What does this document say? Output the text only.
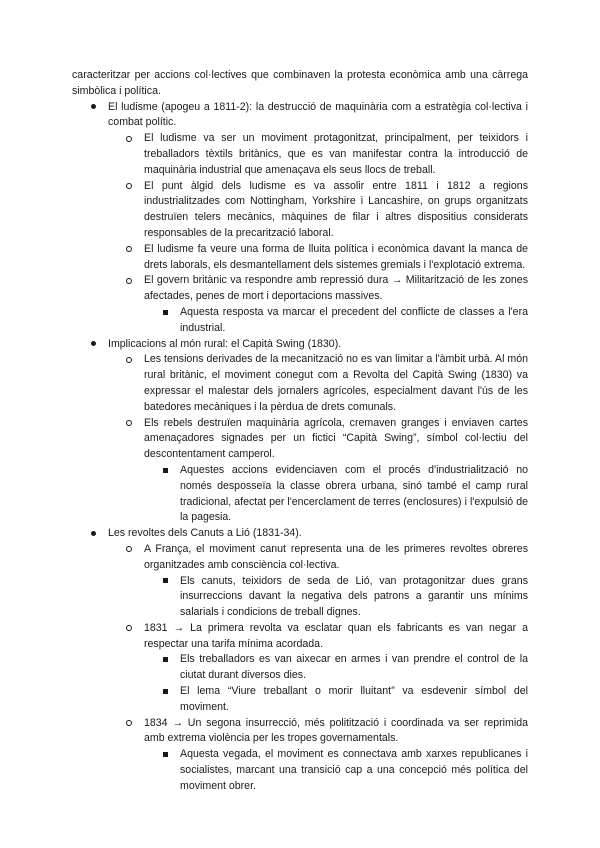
caracteritzar per accions col·lectives que combinaven la protesta econòmica amb una càrrega simbòlica i política.

El ludisme (apogeu a 1811-2): la destrucció de maquinària com a estratègia col·lectiva i combat polític.

El ludisme va ser un moviment protagonitzat, principalment, per teixidors i treballadors tèxtils britànics, que es van manifestar contra la introducció de maquinària industrial que amenaçava els seus llocs de treball.

El punt àlgid dels ludisme es va assolir entre 1811 i 1812 a regions industrialitzades com Nottingham, Yorkshire i Lancashire, on grups organitzats destruïen telers mecànics, màquines de filar i altres dispositius considerats responsables de la precarització laboral.

El ludisme fa veure una forma de lluita política i econòmica davant la manca de drets laborals, els desmantellament dels sistemes gremials i l'explotació extrema.

El govern britànic va respondre amb repressió dura → Militarització de les zones afectades, penes de mort i deportacions massives.

Aquesta resposta va marcar el precedent del conflicte de classes a l'era industrial.

Implicacions al món rural: el Capità Swing (1830).

Les tensions derivades de la mecanització no es van limitar a l'àmbit urbà. Al món rural britànic, el moviment conegut com a Revolta del Capità Swing (1830) va expressar el malestar dels jornalers agrícoles, especialment davant l'ús de les batedores mecàniques i la pèrdua de drets comunals.

Els rebels destruïen maquinària agrícola, cremaven granges i enviaven cartes amenaçadores signades per un fictici “Capità Swing”, símbol col·lectiu del descontentament camperol.

Aquestes accions evidenciaven com el procés d'industrialització no només desposseïa la classe obrera urbana, sinó també el camp rural tradicional, afectat per l'encerclament de terres (enclosures) i l'expulsió de la pagesia.

Les revoltes dels Canuts a Lió (1831-34).

A França, el moviment canut representa una de les primeres revoltes obreres organitzades amb consciència col·lectiva.

Els canuts, teixidors de seda de Lió, van protagonitzar dues grans insurreccions davant la negativa dels patrons a garantir uns mínims salarials i condicions de treball dignes.

1831 → La primera revolta va esclatar quan els fabricants es van negar a respectar una tarifa mínima acordada.

Els treballadors es van aixecar en armes i van prendre el control de la ciutat durant diversos dies.

El lema “Viure treballant o morir lluitant” va esdevenir símbol del moviment.

1834 → Un segona insurrecció, més politització i coordinada va ser reprimida amb extrema violència per les tropes governamentals.

Aquesta vegada, el moviment es connectava amb xarxes republicanes i socialistes, marcant una transició cap a una concepció més política del moviment obrer.
